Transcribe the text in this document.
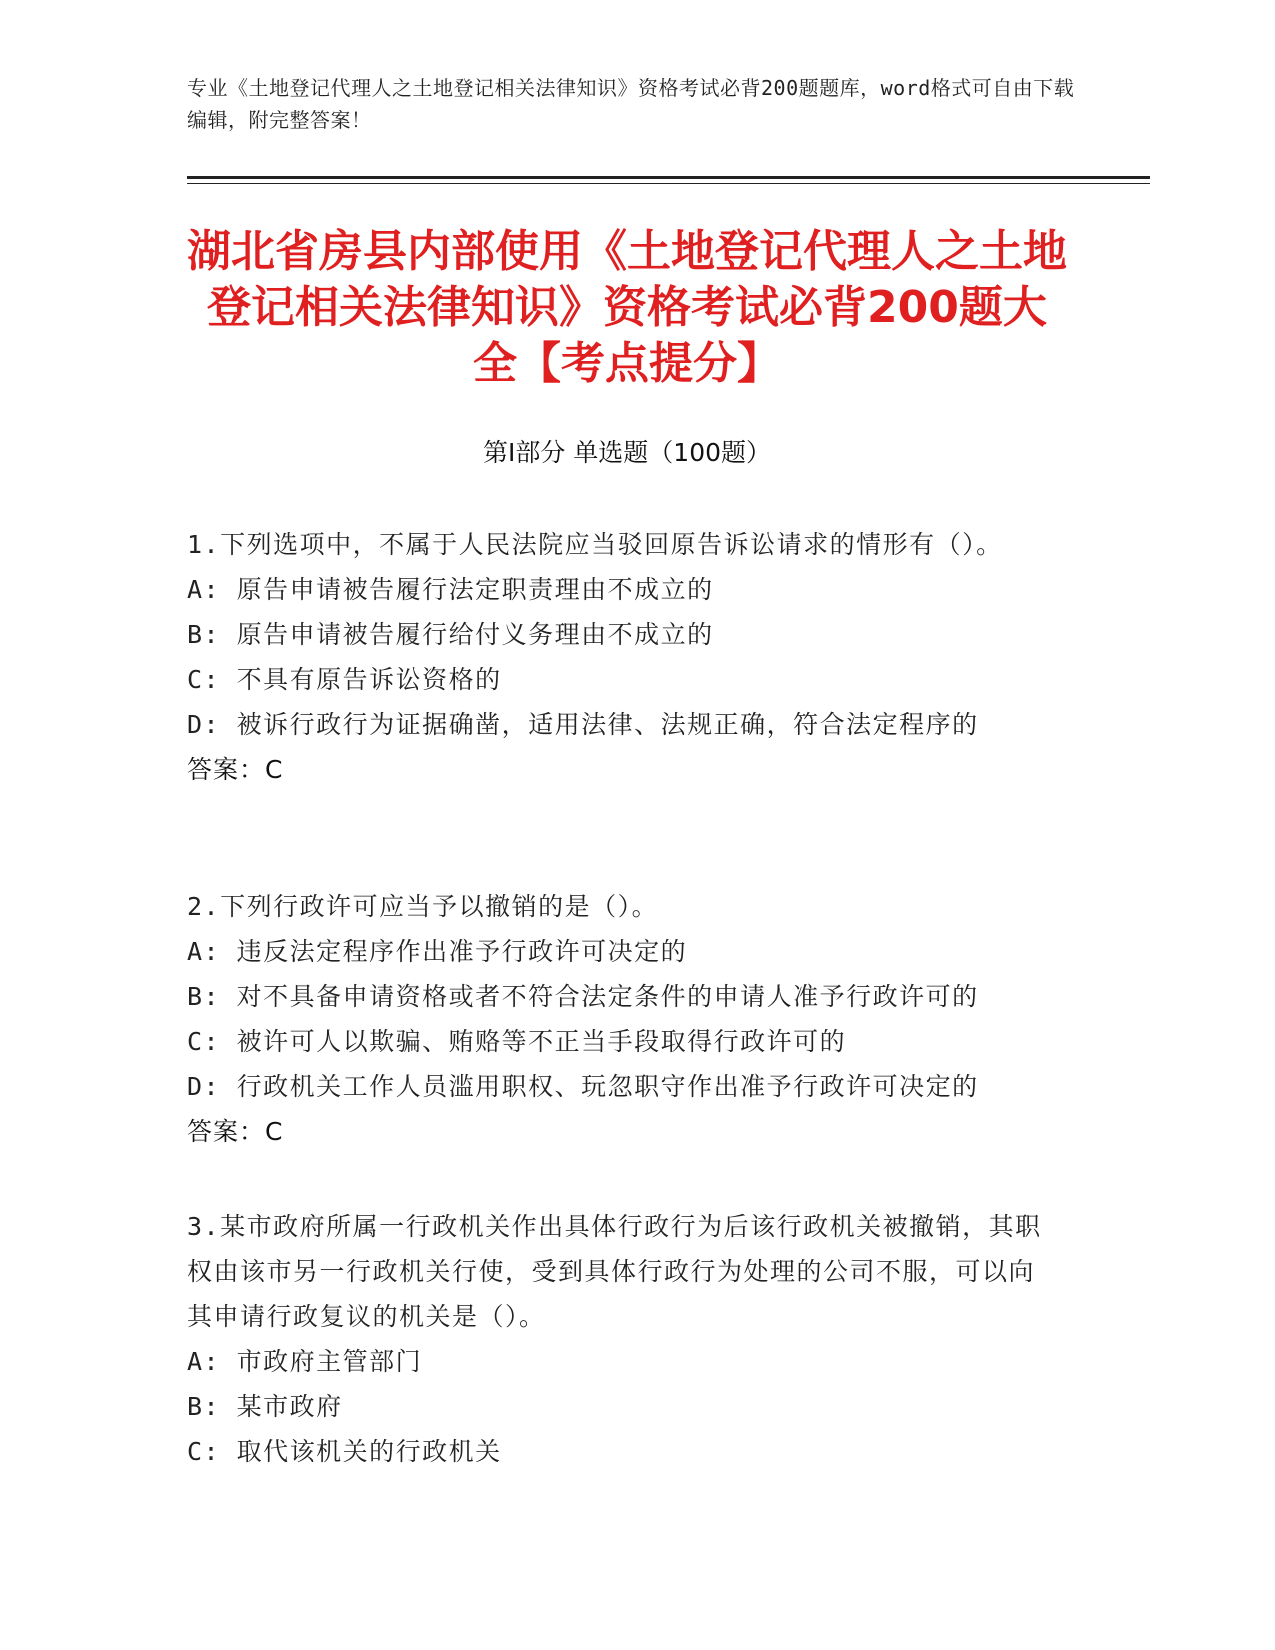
专业《土地登记代理人之土地登记相关法律知识》资格考试必背200题题库，word格式可自由下载编辑，附完整答案！
湖北省房县内部使用《土地登记代理人之土地登记相关法律知识》资格考试必背200题大全【考点提分】
第Ⅰ部分 单选题（100题）
1.下列选项中，不属于人民法院应当驳回原告诉讼请求的情形有（）。
A: 原告申请被告履行法定职责理由不成立的
B: 原告申请被告履行给付义务理由不成立的
C: 不具有原告诉讼资格的
D: 被诉行政行为证据确凿，适用法律、法规正确，符合法定程序的
答案：C
2.下列行政许可应当予以撤销的是（）。
A: 违反法定程序作出准予行政许可决定的
B: 对不具备申请资格或者不符合法定条件的申请人准予行政许可的
C: 被许可人以欺骗、贿赂等不正当手段取得行政许可的
D: 行政机关工作人员滥用职权、玩忽职守作出准予行政许可决定的
答案：C
3.某市政府所属一行政机关作出具体行政行为后该行政机关被撤销，其职权由该市另一行政机关行使，受到具体行政行为处理的公司不服，可以向其申请行政复议的机关是（）。
A: 市政府主管部门
B: 某市政府
C: 取代该机关的行政机关
